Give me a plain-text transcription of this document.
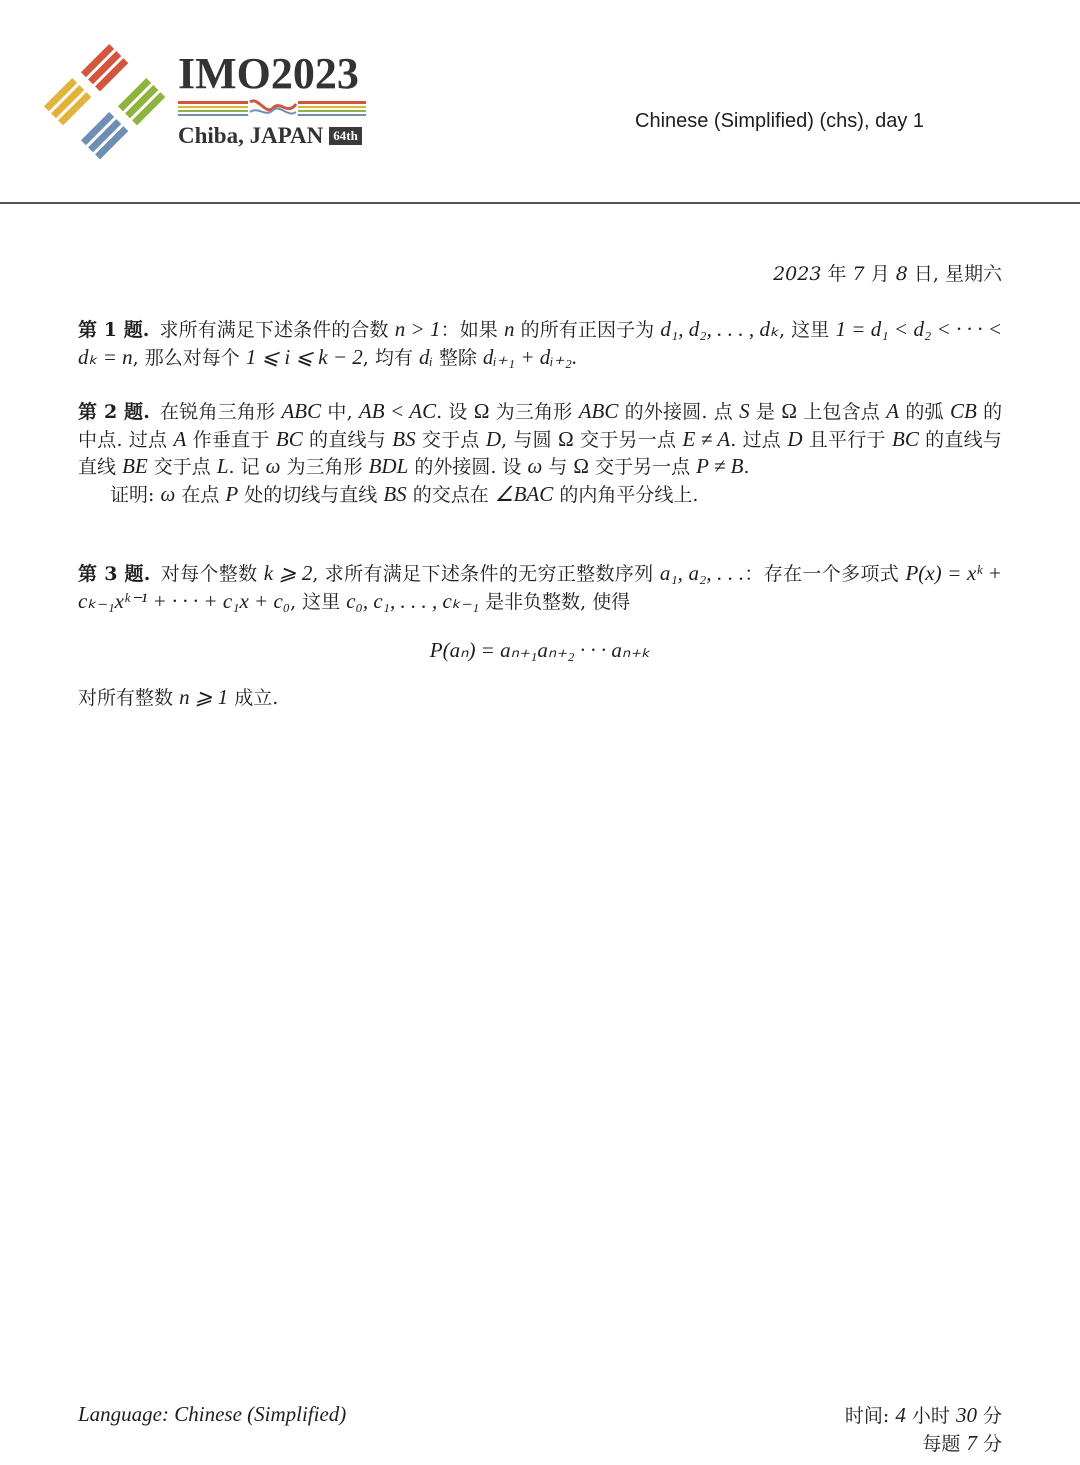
IMO2023
Chiba, JAPAN 64th
Chinese (Simplified) (chs), day 1
2023 年 7 月 8 日, 星期六

第 1 题. 求所有满足下述条件的合数 n > 1：如果 n 的所有正因子为 d₁, d₂, . . . , dₖ, 这里 1 = d₁ < d₂ < · · · < dₖ = n, 那么对每个 1 ⩽ i ⩽ k − 2, 均有 dᵢ 整除 dᵢ₊₁ + dᵢ₊₂.

第 2 题. 在锐角三角形 ABC 中, AB < AC. 设 Ω 为三角形 ABC 的外接圆. 点 S 是 Ω 上包含点 A 的弧 CB 的中点. 过点 A 作垂直于 BC 的直线与 BS 交于点 D, 与圆 Ω 交于另一点 E ≠ A. 过点 D 且平行于 BC 的直线与直线 BE 交于点 L. 记 ω 为三角形 BDL 的外接圆. 设 ω 与 Ω 交于另一点 P ≠ B.

证明: ω 在点 P 处的切线与直线 BS 的交点在 ∠BAC 的内角平分线上.

第 3 题. 对每个整数 k ⩾ 2, 求所有满足下述条件的无穷正整数序列 a₁, a₂, . . .：存在一个多项式 P(x) = xᵏ + cₖ₋₁xᵏ⁻¹ + · · · + c₁x + c₀, 这里 c₀, c₁, . . . , cₖ₋₁ 是非负整数, 使得

P(aₙ) = aₙ₊₁aₙ₊₂ · · · aₙ₊ₖ

对所有整数 n ⩾ 1 成立.

Language: Chinese (Simplified)	时间: 4 小时 30 分
每题 7 分
